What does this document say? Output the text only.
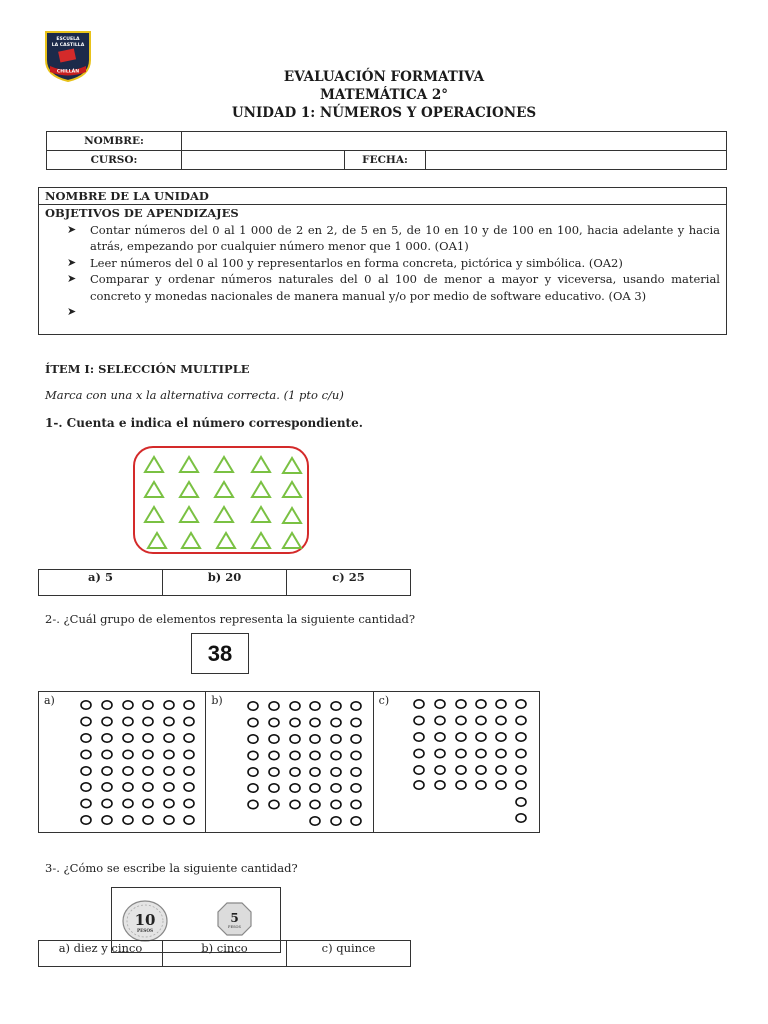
ESCUELA
LA CASTILLA
CHILLÁN	EVALUACIÓN FORMATIVA
MATEMÁTICA 2°
UNIDAD 1: NÚMEROS Y OPERACIONES
NOMBRE:			
CURSO:		FECHA:	
NOMBRE DE LA UNIDAD
OBJETIVOS DE APENDIZAJES
➤ Contar números del 0 al 1 000 de 2 en 2, de 5 en 5, de 10 en 10 y de 100 en 100, hacia adelante y hacia atrás, empezando por cualquier número menor que 1 000. (OA1)
➤ Leer números del 0 al 100 y representarlos en forma concreta, pictórica y simbólica. (OA2)
➤ Comparar y ordenar números naturales del 0 al 100 de menor a mayor y viceversa, usando material concreto y monedas nacionales de manera manual y/o por medio de software educativo. (OA 3)
➤
ÍTEM I: SELECCIÓN MULTIPLE
Marca con una x la alternativa correcta. (1 pto c/u)
1-. Cuenta e indica el número correspondiente.
a) 5	b) 20	c) 25
2-. ¿Cuál grupo de elementos representa la siguiente cantidad?
38
a)	b)	c)
3-. ¿Cómo se escribe la siguiente cantidad?
10
PESOS
5
PESOS
a) diez y cinco	b) cinco	c) quince
